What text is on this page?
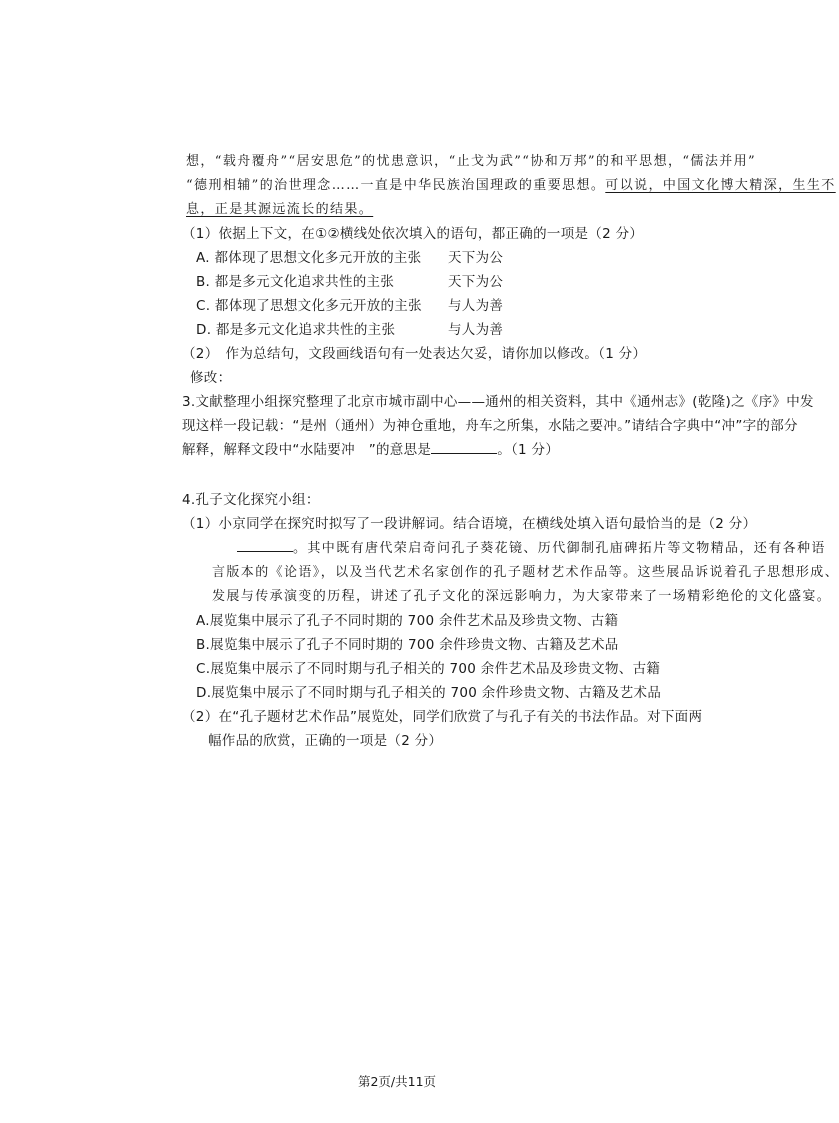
想，“载舟覆舟”“居安思危”的忧患意识，“止戈为武”“协和万邦”的和平思想，“儒法并用”
“德刑相辅”的治世理念……一直是中华民族治国理政的重要思想。可以说，中国文化博大精深，生生不
息，正是其源远流长的结果。
（1）依据上下文，在①②横线处依次填入的语句，都正确的一项是（2 分）
A. 都体现了思想文化多元开放的主张 天下为公
B. 都是多元文化追求共性的主张	天下为公
C. 都体现了思想文化多元开放的主张 与人为善
D. 都是多元文化追求共性的主张	与人为善
（2）　作为总结句，文段画线语句有一处表达欠妥，请你加以修改。（1 分）
修改：
3.文献整理小组探究整理了北京市城市副中心——通州的相关资料，其中《通州志》(乾隆)之《序》中发
现这样一段记载：“是州（通州）为神仓重地，舟车之所集，水陆之要冲。”请结合字典中“冲”字的部分
解释，解释文段中“水陆要冲　”的意思是	。（1 分）
4.孔子文化探究小组：
（1）小京同学在探究时拟写了一段讲解词。结合语境，在横线处填入语句最恰当的是（2 分）
。其中既有唐代荣启奇问孔子葵花镜、历代御制孔庙碑拓片等文物精品，还有各种语
言版本的《论语》，以及当代艺术名家创作的孔子题材艺术作品等。这些展品诉说着孔子思想形成、
发展与传承演变的历程，讲述了孔子文化的深远影响力，为大家带来了一场精彩绝伦的文化盛宴。
A.展览集中展示了孔子不同时期的 700 余件艺术品及珍贵文物、古籍
B.展览集中展示了孔子不同时期的 700 余件珍贵文物、古籍及艺术品
C.展览集中展示了不同时期与孔子相关的 700 余件艺术品及珍贵文物、古籍
D.展览集中展示了不同时期与孔子相关的 700 余件珍贵文物、古籍及艺术品
（2）在“孔子题材艺术作品”展览处，同学们欣赏了与孔子有关的书法作品。对下面两
幅作品的欣赏，正确的一项是（2 分）
第2页/共11页
